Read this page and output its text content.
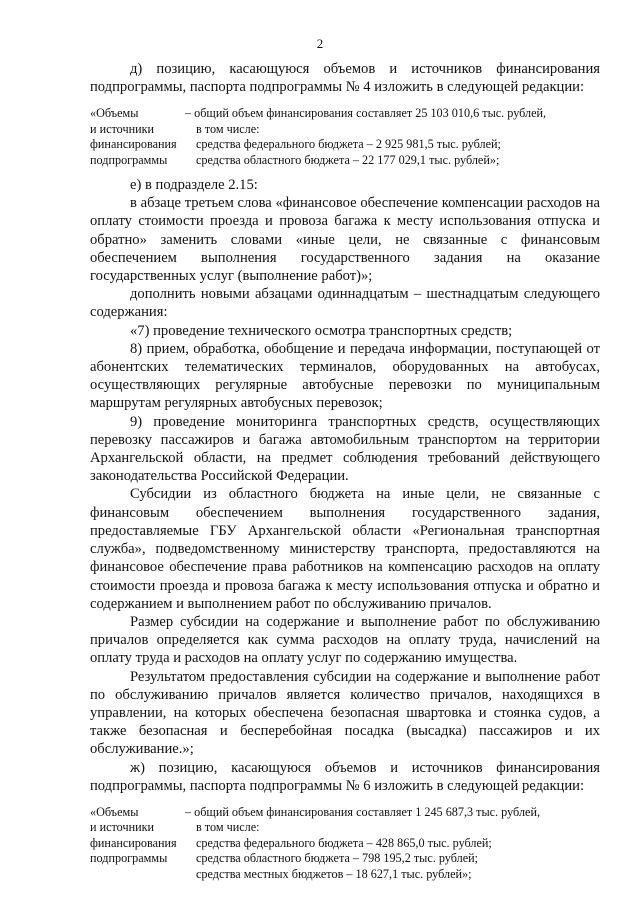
2

д) позицию, касающуюся объемов и источников финансирования подпрограммы, паспорта подпрограммы № 4 изложить в следующей редакции:

«Объемы
и источники
финансирования
подпрограммы
– общий объем финансирования составляет 25 103 010,6 тыс. рублей,
в том числе:
средства федерального бюджета – 2 925 981,5 тыс. рублей;
средства областного бюджета – 22 177 029,1 тыс. рублей»;

е) в подразделе 2.15:

в абзаце третьем слова «финансовое обеспечение компенсации расходов на оплату стоимости проезда и провоза багажа к месту использования отпуска и обратно» заменить словами «иные цели, не связанные с финансовым обеспечением выполнения государственного задания на оказание государственных услуг (выполнение работ)»;

дополнить новыми абзацами одиннадцатым – шестнадцатым следующего содержания:

«7) проведение технического осмотра транспортных средств;

8) прием, обработка, обобщение и передача информации, поступающей от абонентских телематических терминалов, оборудованных на автобусах, осуществляющих регулярные автобусные перевозки по муниципальным маршрутам регулярных автобусных перевозок;

9) проведение мониторинга транспортных средств, осуществляющих перевозку пассажиров и багажа автомобильным транспортом на территории Архангельской области, на предмет соблюдения требований действующего законодательства Российской Федерации.

Субсидии из областного бюджета на иные цели, не связанные с финансовым обеспечением выполнения государственного задания, предоставляемые ГБУ Архангельской области «Региональная транспортная служба», подведомственному министерству транспорта, предоставляются на финансовое обеспечение права работников на компенсацию расходов на оплату стоимости проезда и провоза багажа к месту использования отпуска и обратно и содержанием и выполнением работ по обслуживанию причалов.

Размер субсидии на содержание и выполнение работ по обслуживанию причалов определяется как сумма расходов на оплату труда, начислений на оплату труда и расходов на оплату услуг по содержанию имущества.

Результатом предоставления субсидии на содержание и выполнение работ по обслуживанию причалов является количество причалов, находящихся в управлении, на которых обеспечена безопасная швартовка и стоянка судов, а также безопасная и бесперебойная посадка (высадка) пассажиров и их обслуживание.»;

ж) позицию, касающуюся объемов и источников финансирования подпрограммы, паспорта подпрограммы № 6 изложить в следующей редакции:

«Объемы
и источники
финансирования
подпрограммы
– общий объем финансирования составляет 1 245 687,3 тыс. рублей,
в том числе:
средства федерального бюджета – 428 865,0 тыс. рублей;
средства областного бюджета – 798 195,2 тыс. рублей;
средства местных бюджетов – 18 627,1 тыс. рублей»;
